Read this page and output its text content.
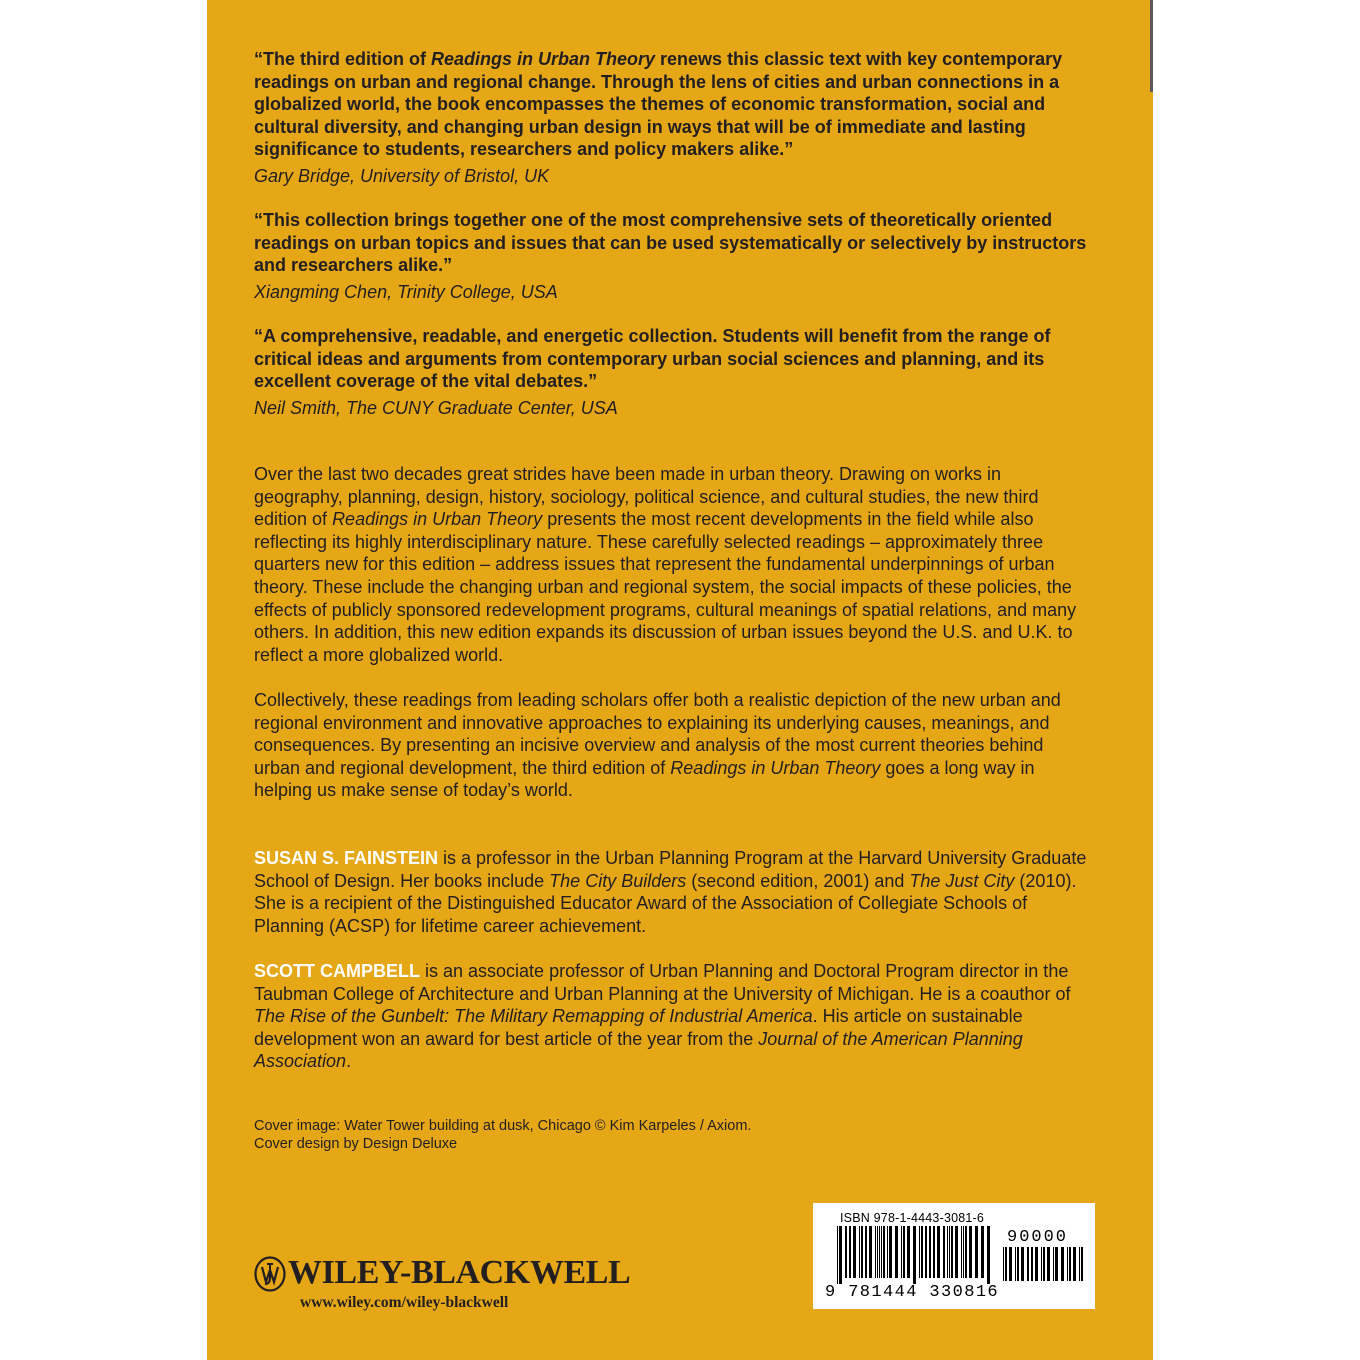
“The third edition of Readings in Urban Theory renews this classic text with key contemporary readings on urban and regional change. Through the lens of cities and urban connections in a globalized world, the book encompasses the themes of economic transformation, social and cultural diversity, and changing urban design in ways that will be of immediate and lasting significance to students, researchers and policy makers alike.”
Gary Bridge, University of Bristol, UK
“This collection brings together one of the most comprehensive sets of theoretically oriented readings on urban topics and issues that can be used systematically or selectively by instructors and researchers alike.”
Xiangming Chen, Trinity College, USA
“A comprehensive, readable, and energetic collection. Students will benefit from the range of critical ideas and arguments from contemporary urban social sciences and planning, and its excellent coverage of the vital debates.”
Neil Smith, The CUNY Graduate Center, USA
Over the last two decades great strides have been made in urban theory. Drawing on works in geography, planning, design, history, sociology, political science, and cultural studies, the new third edition of Readings in Urban Theory presents the most recent developments in the field while also reflecting its highly interdisciplinary nature. These carefully selected readings – approximately three quarters new for this edition – address issues that represent the fundamental underpinnings of urban theory. These include the changing urban and regional system, the social impacts of these policies, the effects of publicly sponsored redevelopment programs, cultural meanings of spatial relations, and many others. In addition, this new edition expands its discussion of urban issues beyond the U.S. and U.K. to reflect a more globalized world.
Collectively, these readings from leading scholars offer both a realistic depiction of the new urban and regional environment and innovative approaches to explaining its underlying causes, meanings, and consequences. By presenting an incisive overview and analysis of the most current theories behind urban and regional development, the third edition of Readings in Urban Theory goes a long way in helping us make sense of today’s world.
SUSAN S. FAINSTEIN is a professor in the Urban Planning Program at the Harvard University Graduate School of Design. Her books include The City Builders (second edition, 2001) and The Just City (2010). She is a recipient of the Distinguished Educator Award of the Association of Collegiate Schools of Planning (ACSP) for lifetime career achievement.
SCOTT CAMPBELL is an associate professor of Urban Planning and Doctoral Program director in the Taubman College of Architecture and Urban Planning at the University of Michigan. He is a coauthor of The Rise of the Gunbelt: The Military Remapping of Industrial America. His article on sustainable development won an award for best article of the year from the Journal of the American Planning Association.
Cover image: Water Tower building at dusk, Chicago © Kim Karpeles / Axiom.
Cover design by Design Deluxe
WILEY-BLACKWELL
www.wiley.com/wiley-blackwell
ISBN 978-1-4443-3081-6
90000
9 781444 330816
